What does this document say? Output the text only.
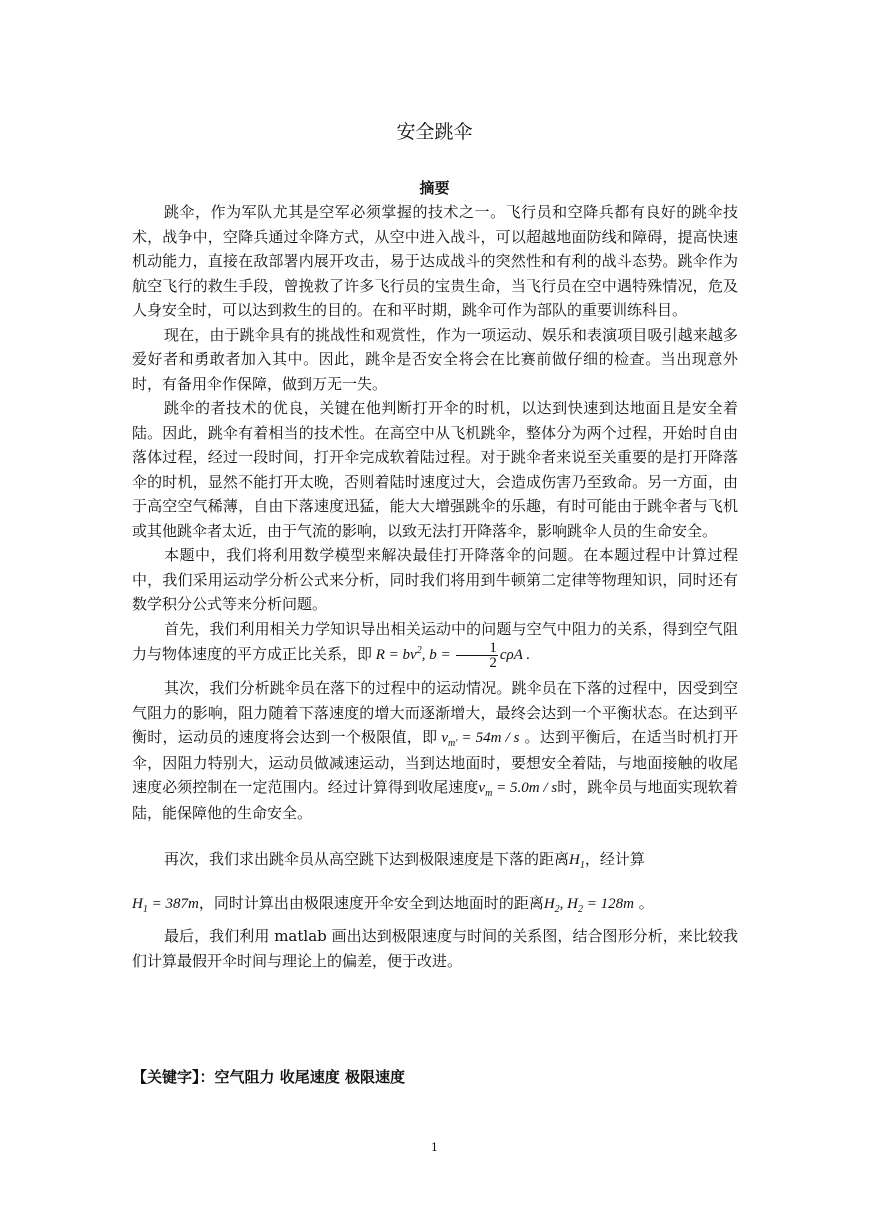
安全跳伞
摘要

跳伞，作为军队尤其是空军必须掌握的技术之一。飞行员和空降兵都有良好的跳伞技术，战争中，空降兵通过伞降方式，从空中进入战斗，可以超越地面防线和障碍，提高快速机动能力，直接在敌部署内展开攻击，易于达成战斗的突然性和有利的战斗态势。跳伞作为航空飞行的救生手段，曾挽救了许多飞行员的宝贵生命，当飞行员在空中遇特殊情况，危及人身安全时，可以达到救生的目的。在和平时期，跳伞可作为部队的重要训练科目。

现在，由于跳伞具有的挑战性和观赏性，作为一项运动、娱乐和表演项目吸引越来越多爱好者和勇敢者加入其中。因此，跳伞是否安全将会在比赛前做仔细的检查。当出现意外时，有备用伞作保障，做到万无一失。

跳伞的者技术的优良，关键在他判断打开伞的时机，以达到快速到达地面且是安全着陆。因此，跳伞有着相当的技术性。在高空中从飞机跳伞，整体分为两个过程，开始时自由落体过程，经过一段时间，打开伞完成软着陆过程。对于跳伞者来说至关重要的是打开降落伞的时机，显然不能打开太晚，否则着陆时速度过大，会造成伤害乃至致命。另一方面，由于高空空气稀薄，自由下落速度迅猛，能大大增强跳伞的乐趣，有时可能由于跳伞者与飞机或其他跳伞者太近，由于气流的影响，以致无法打开降落伞，影响跳伞人员的生命安全。

本题中，我们将利用数学模型来解决最佳打开降落伞的问题。在本题过程中计算过程中，我们采用运动学分析公式来分析，同时我们将用到牛顿第二定律等物理知识，同时还有数学积分公式等来分析问题。

首先，我们利用相关力学知识导出相关运动中的问题与空气中阻力的关系，得到空气阻力与物体速度的平方成正比关系，即 $R = bv^2$, $b = \frac{1}{2}$ cρA .

其次，我们分析跳伞员在落下的过程中的运动情况。跳伞员在下落的过程中，因受到空气阻力的影响，阻力随着下落速度的增大而逐渐增大，最终会达到一个平衡状态。在达到平衡时，运动员的速度将会达到一个极限值，即 $v_{m'} = 54m / s$ 。达到平衡后，在适当时机打开伞，因阻力特别大，运动员做减速运动，当到达地面时，要想安全着陆，与地面接触的收尾速度必须控制在一定范围内。经过计算得到收尾速度$v_m = 5.0m / s$时，跳伞员与地面实现软着陆，能保障他的生命安全。

再次，我们求出跳伞员从高空跳下达到极限速度是下落的距离$H_1$，经计算

$H_1 = 387m$，同时计算出由极限速度开伞安全到达地面时的距离$H_2$, $H_2 = 128m$ 。

最后，我们利用 matlab 画出达到极限速度与时间的关系图，结合图形分析，来比较我们计算最假开伞时间与理论上的偏差，便于改进。

【关键字】：空气阻力 收尾速度 极限速度
1
